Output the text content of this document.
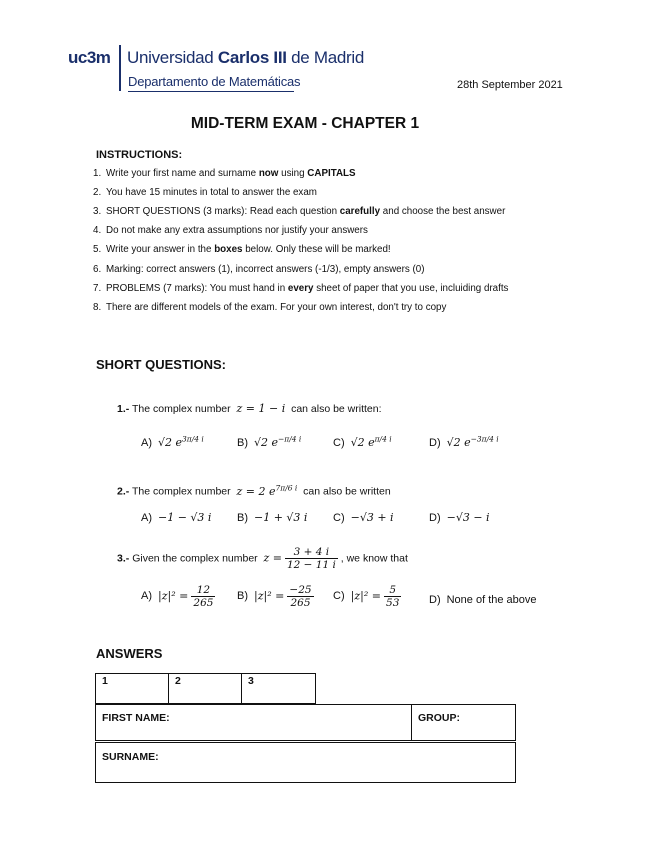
uc3m Universidad Carlos III de Madrid
Departamento de Matemáticas	28th September 2021
MID-TERM EXAM - CHAPTER 1
INSTRUCTIONS:
1. Write your first name and surname now using CAPITALS
2. You have 15 minutes in total to answer the exam
3. SHORT QUESTIONS (3 marks): Read each question carefully and choose the best answer
4. Do not make any extra assumptions nor justify your answers
5. Write your answer in the boxes below. Only these will be marked!
6. Marking: correct answers (1), incorrect answers (-1/3), empty answers (0)
7. PROBLEMS (7 marks): You must hand in every sheet of paper that you use, incluiding drafts
8. There are different models of the exam. For your own interest, don't try to copy
SHORT QUESTIONS:
1.- The complex number z = 1 − i can also be written:
A) √2 $e^{3\pi/4 i}$	B) √2 $e^{-\pi/4 i}$	C) √2 $e^{\pi/4 i}$	D) √2 $e^{-3\pi/4 i}$
2.- The complex number z = 2 $e^{7\pi/6 i}$ can also be written
A) −1 − √3 i B) −1 + √3 i C) −√3 + i	D) −√3 − i
3.- Given the complex number $z = \frac{3 + 4 i}{12 - 11 i}$ , we know that
A) $|z|^2 = \frac{12}{265} B$) $|z|^2 = \frac{-25}{265} C$) $|z|^2 = \frac{5}{53}$	D) None of the above
ANSWERS
1	2	3
FIRST NAME:	GROUP:
SURNAME:
